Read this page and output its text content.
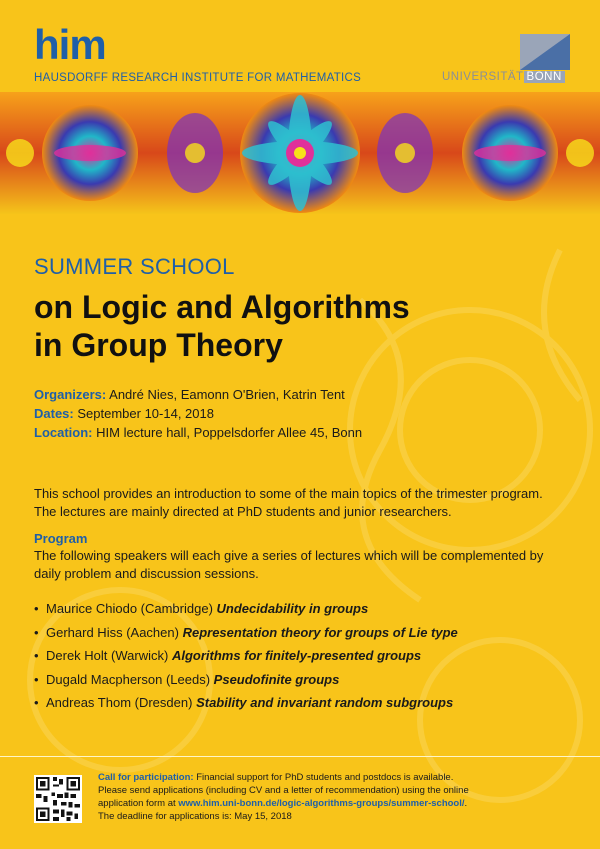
him
HAUSDORFF RESEARCH INSTITUTE FOR MATHEMATICS	UNIVERSITÄT BONN
SUMMER SCHOOL
on Logic and Algorithms
in Group Theory
Organizers: André Nies, Eamonn O'Brien, Katrin Tent
Dates: September 10-14, 2018
Location: HIM lecture hall, Poppelsdorfer Allee 45, Bonn
This school provides an introduction to some of the main topics of the trimester program. The lectures are mainly directed at PhD students and junior researchers.
Program
The following speakers will each give a series of lectures which will be complemented by daily problem and discussion sessions.
• Maurice Chiodo (Cambridge) Undecidability in groups
• Gerhard Hiss (Aachen) Representation theory for groups of Lie type
• Derek Holt (Warwick) Algorithms for finitely-presented groups
• Dugald Macpherson (Leeds) Pseudofinite groups
• Andreas Thom (Dresden) Stability and invariant random subgroups
Call for participation: Financial support for PhD students and postdocs is available.
Please send applications (including CV and a letter of recommendation) using the online
application form at www.him.uni-bonn.de/logic-algorithms-groups/summer-school/.
The deadline for applications is: May 15, 2018
